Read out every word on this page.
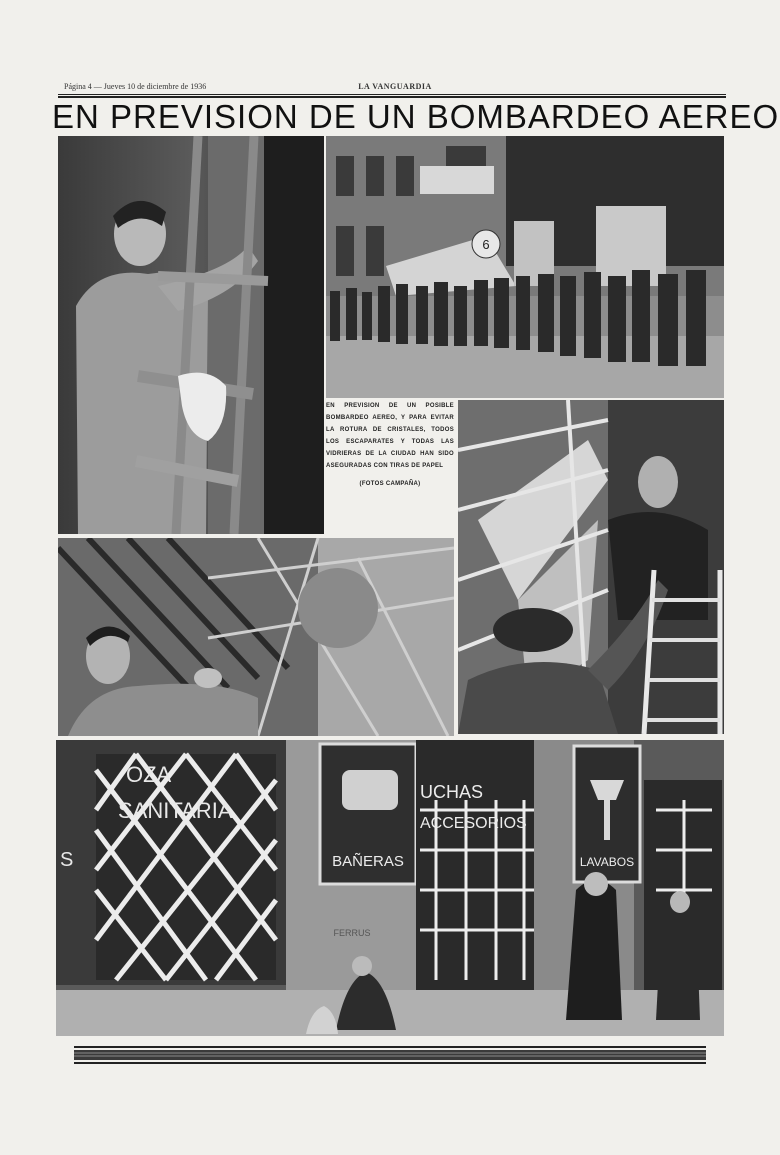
Página 4 — Jueves 10 de diciembre de 1936	LA VANGUARDIA
EN PREVISION DE UN BOMBARDEO AEREO
6
EN PREVISION DE UN POSIBLE BOMBARDEO AEREO, Y PARA EVITAR LA ROTURA DE CRISTALES, TODOS LOS ESCAPARATES Y TODAS LAS VIDRIERAS DE LA CIUDAD HAN SIDO ASEGURADAS CON TIRAS DE PAPEL
(FOTOS CAMPAÑA)
OZA
SANITARIA
S
FERRUS
BAÑERAS
UCHAS
ACCESORIOS
LAVABOS
